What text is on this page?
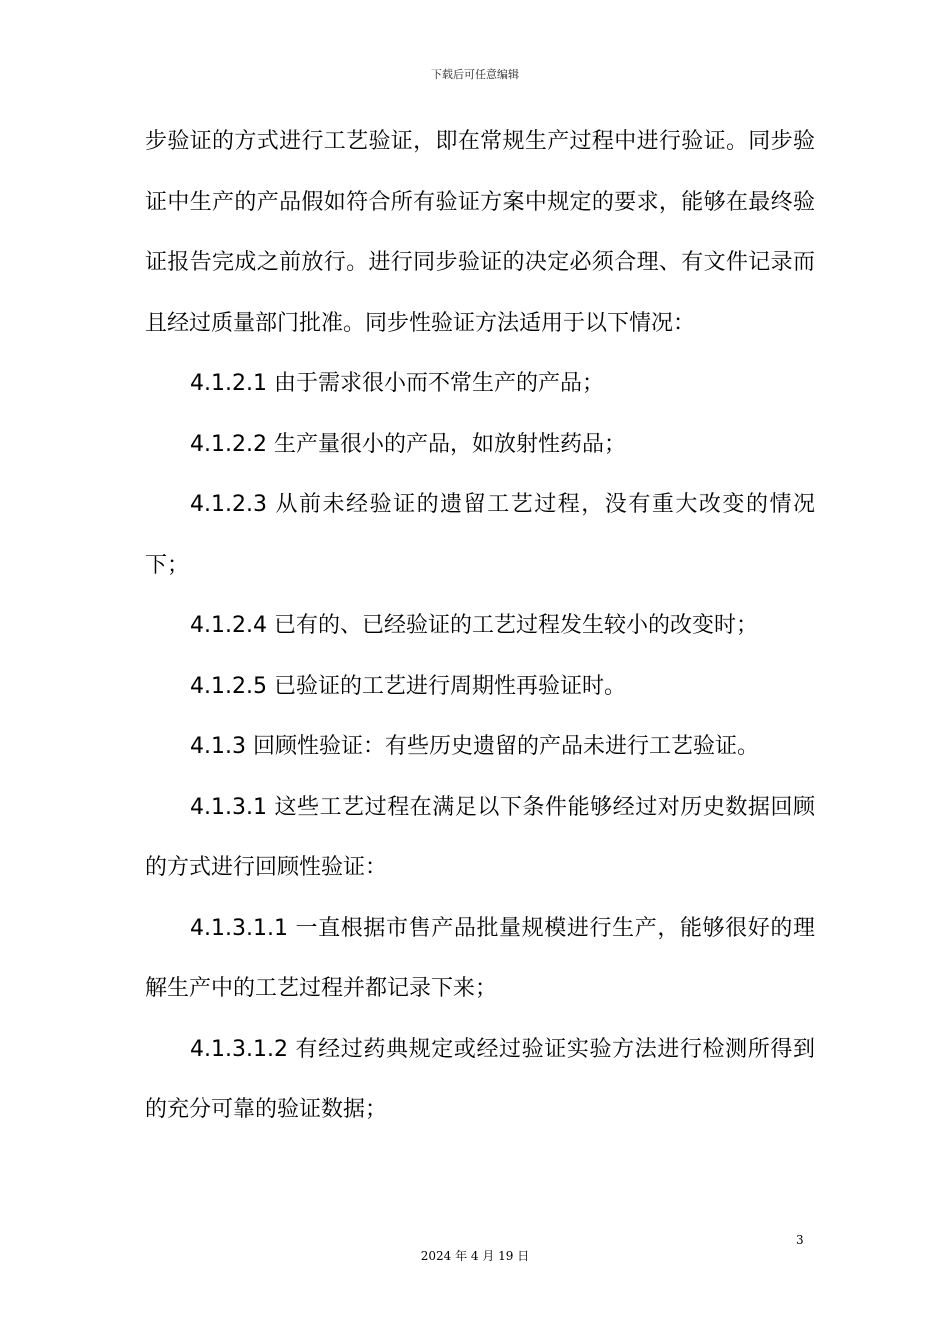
下载后可任意编辑

步验证的方式进行工艺验证，即在常规生产过程中进行验证。同步验证中生产的产品假如符合所有验证方案中规定的要求，能够在最终验证报告完成之前放行。进行同步验证的决定必须合理、有文件记录而且经过质量部门批准。同步性验证方法适用于以下情况：

4.1.2.1 由于需求很小而不常生产的产品；

4.1.2.2 生产量很小的产品，如放射性药品；

4.1.2.3 从前未经验证的遗留工艺过程，没有重大改变的情况下；

4.1.2.4 已有的、已经验证的工艺过程发生较小的改变时；

4.1.2.5 已验证的工艺进行周期性再验证时。

4.1.3 回顾性验证：有些历史遗留的产品未进行工艺验证。

4.1.3.1 这些工艺过程在满足以下条件能够经过对历史数据回顾的方式进行回顾性验证：

4.1.3.1.1 一直根据市售产品批量规模进行生产，能够很好的理解生产中的工艺过程并都记录下来；

4.1.3.1.2 有经过药典规定或经过验证实验方法进行检测所得到的充分可靠的验证数据；

3
2024 年 4 月 19 日
